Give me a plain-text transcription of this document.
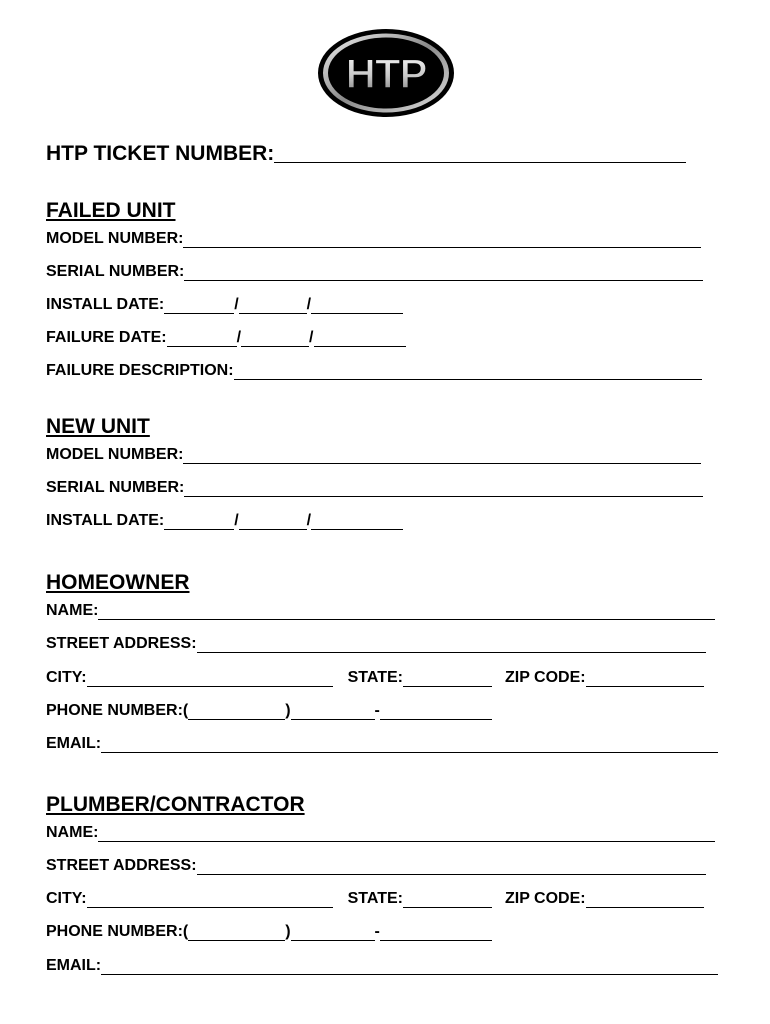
HTP
HTP TICKET NUMBER:
FAILED UNIT
MODEL NUMBER:
SERIAL NUMBER:
INSTALL DATE:	/	/
FAILURE DATE:	/	/
FAILURE DESCRIPTION:
NEW UNIT
MODEL NUMBER:
SERIAL NUMBER:
INSTALL DATE:	/	/
HOMEOWNER
NAME:
STREET ADDRESS:
CITY:	STATE:	ZIP CODE:
PHONE NUMBER: (	)	-
EMAIL:
PLUMBER/CONTRACTOR
NAME:
STREET ADDRESS:
CITY:	STATE:	ZIP CODE:
PHONE NUMBER: (	)	-
EMAIL:
